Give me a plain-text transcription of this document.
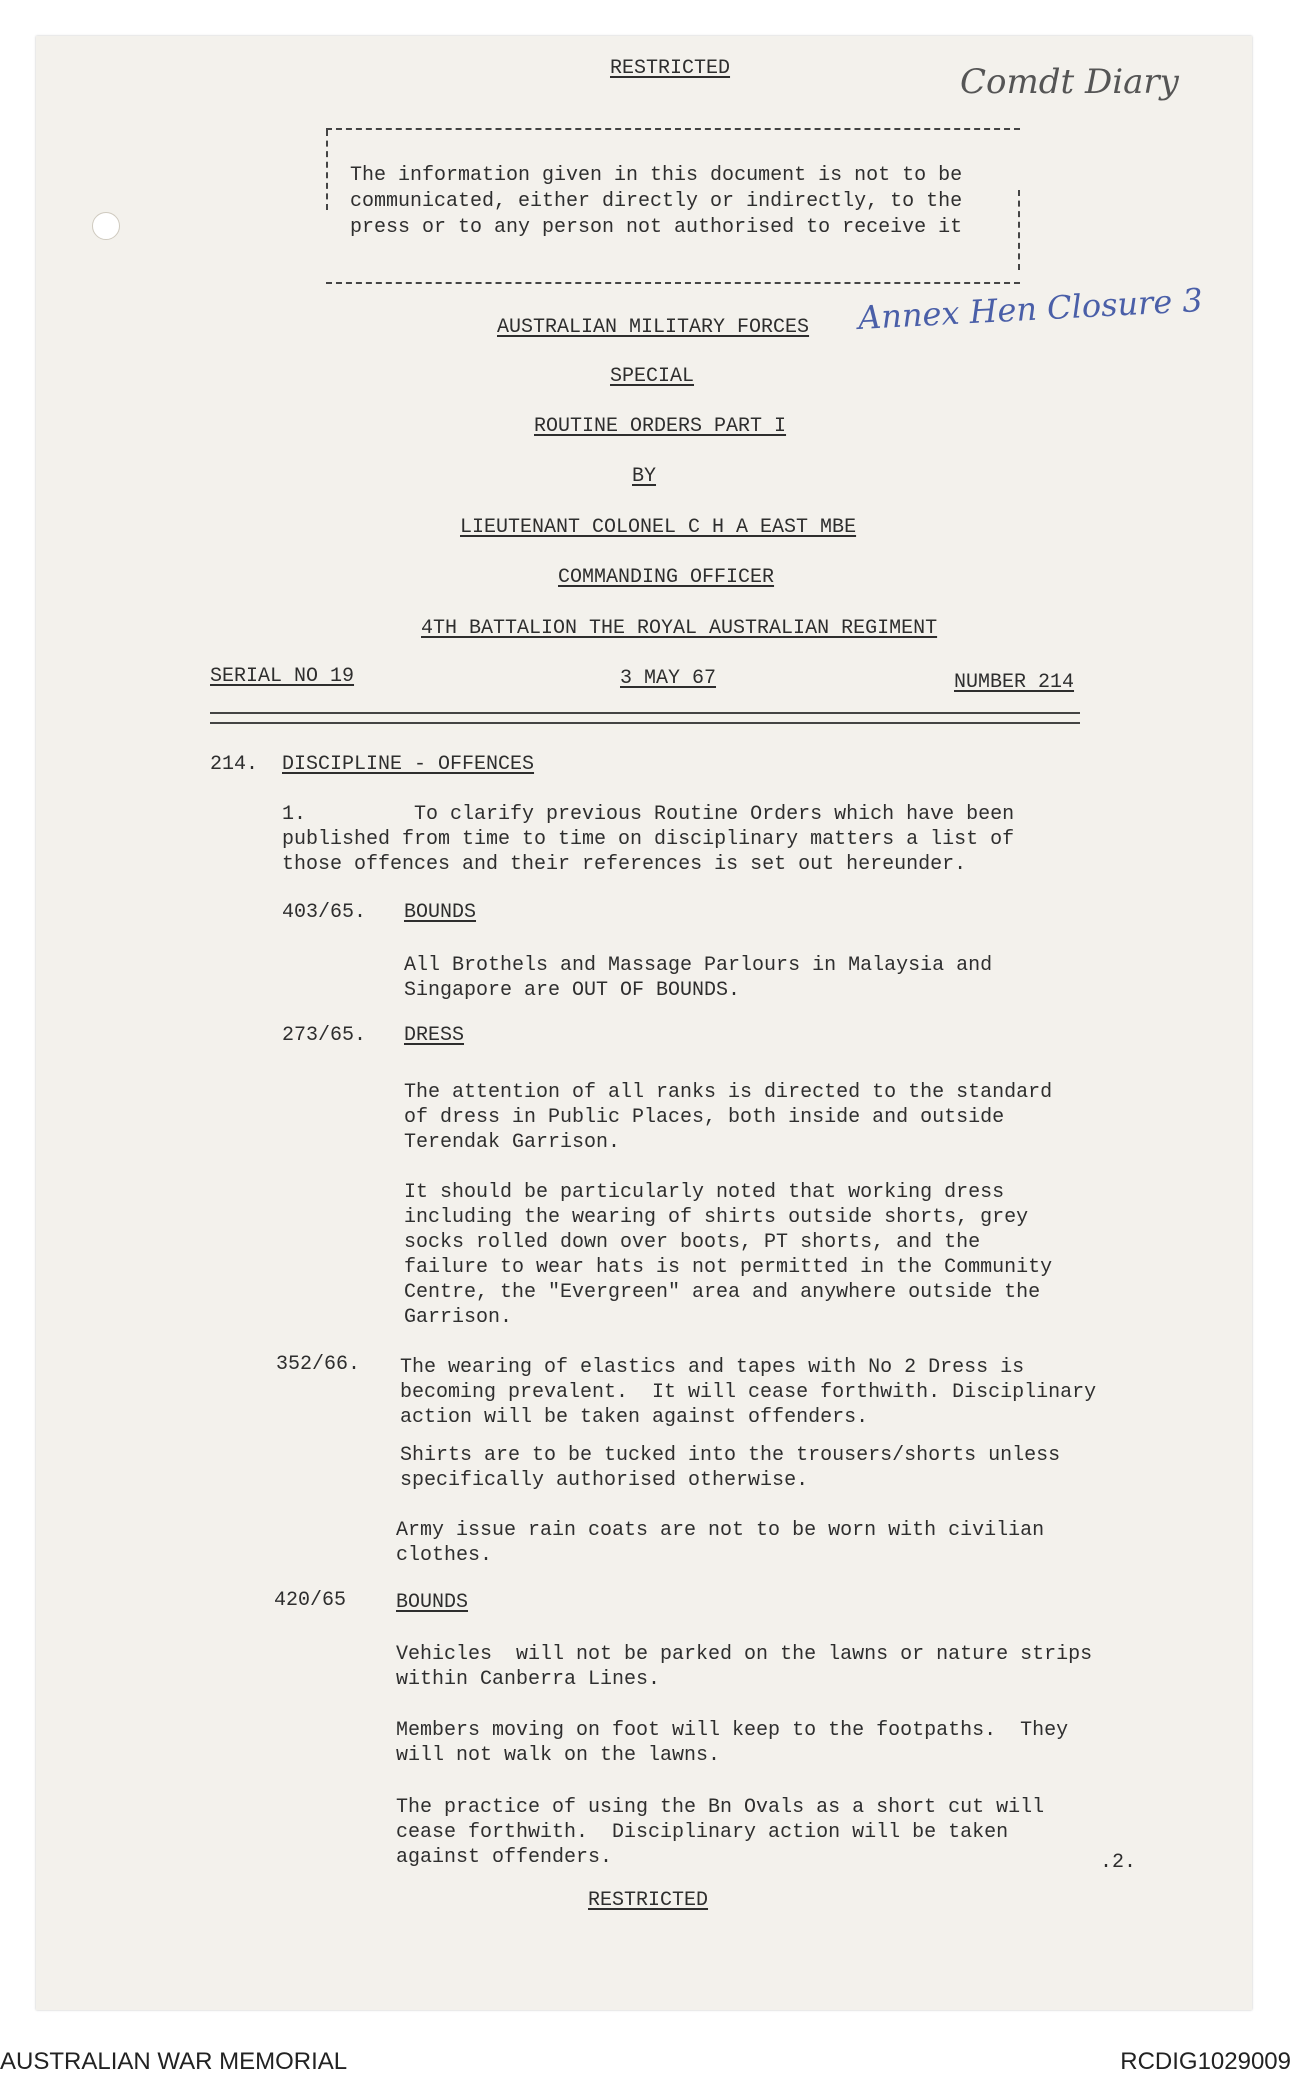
RESTRICTED	Comdt Diary
The information given in this document is not to be
communicated, either directly or indirectly, to the
press or to any person not authorised to receive it
Annex Hen Closure 3
AUSTRALIAN MILITARY FORCES
SPECIAL
ROUTINE ORDERS PART I
BY
LIEUTENANT COLONEL C H A EAST MBE
COMMANDING OFFICER
4TH BATTALION THE ROYAL AUSTRALIAN REGIMENT
SERIAL NO 19	3 MAY 67	NUMBER 214
214. DISCIPLINE - OFFENCES
1.         To clarify previous Routine Orders which have been
published from time to time on disciplinary matters a list of
those offences and their references is set out hereunder.
403/65. BOUNDS
All Brothels and Massage Parlours in Malaysia and
Singapore are OUT OF BOUNDS.
273/65. DRESS
The attention of all ranks is directed to the standard
of dress in Public Places, both inside and outside
Terendak Garrison.
It should be particularly noted that working dress
including the wearing of shirts outside shorts, grey
socks rolled down over boots, PT shorts, and the
failure to wear hats is not permitted in the Community
Centre, the "Evergreen" area and anywhere outside the
Garrison.
352/66. The wearing of elastics and tapes with No 2 Dress is
becoming prevalent.  It will cease forthwith. Disciplinary
action will be taken against offenders.
Shirts are to be tucked into the trousers/shorts unless
specifically authorised otherwise.
Army issue rain coats are not to be worn with civilian
clothes.
420/65 BOUNDS
Vehicles  will not be parked on the lawns or nature strips
within Canberra Lines.
Members moving on foot will keep to the footpaths.  They
will not walk on the lawns.
The practice of using the Bn Ovals as a short cut will
cease forthwith.  Disciplinary action will be taken
against offenders.	.2.
RESTRICTED
AUSTRALIAN WAR MEMORIAL	RCDIG1029009
